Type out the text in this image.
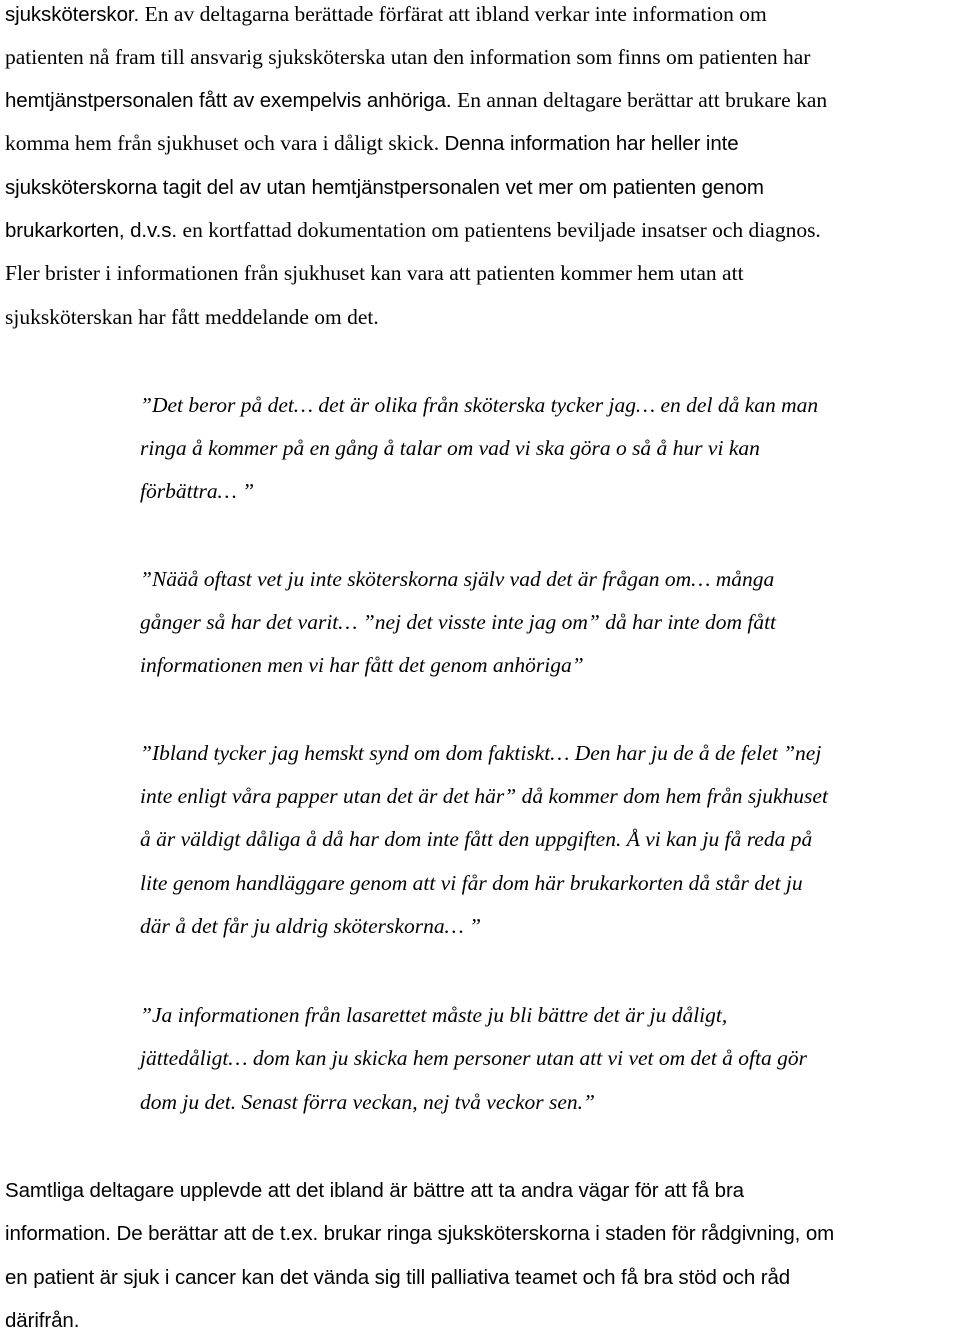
sjuksköterskor. En av deltagarna berättade förfärat att ibland verkar inte information om
patienten nå fram till ansvarig sjuksköterska utan den information som finns om patienten har
hemtjänstpersonalen fått av exempelvis anhöriga. En annan deltagare berättar att brukare kan
komma hem från sjukhuset och vara i dåligt skick. Denna information har heller inte
sjuksköterskorna tagit del av utan hemtjänstpersonalen vet mer om patienten genom
brukarkorten, d.v.s. en kortfattad dokumentation om patientens beviljade insatser och diagnos.
Fler brister i informationen från sjukhuset kan vara att patienten kommer hem utan att
sjuksköterskan har fått meddelande om det.
”Det beror på det… det är olika från sköterska tycker jag… en del då kan man
ringa å kommer på en gång å talar om vad vi ska göra o så å hur vi kan
förbättra… ”
”Nääå oftast vet ju inte sköterskorna själv vad det är frågan om… många
gånger så har det varit… ”nej det visste inte jag om” då har inte dom fått
informationen men vi har fått det genom anhöriga”
”Ibland tycker jag hemskt synd om dom faktiskt… Den har ju de å de felet ”nej
inte enligt våra papper utan det är det här” då kommer dom hem från sjukhuset
å är väldigt dåliga å då har dom inte fått den uppgiften. Å vi kan ju få reda på
lite genom handläggare genom att vi får dom här brukarkorten då står det ju
där å det får ju aldrig sköterskorna… ”
”Ja informationen från lasarettet måste ju bli bättre det är ju dåligt,
jättedåligt… dom kan ju skicka hem personer utan att vi vet om det å ofta gör
dom ju det. Senast förra veckan, nej två veckor sen.”
Samtliga deltagare upplevde att det ibland är bättre att ta andra vägar för att få bra
information. De berättar att de t.ex. brukar ringa sjuksköterskorna i staden för rådgivning, om
en patient är sjuk i cancer kan det vända sig till palliativa teamet och få bra stöd och råd
därifrån.
